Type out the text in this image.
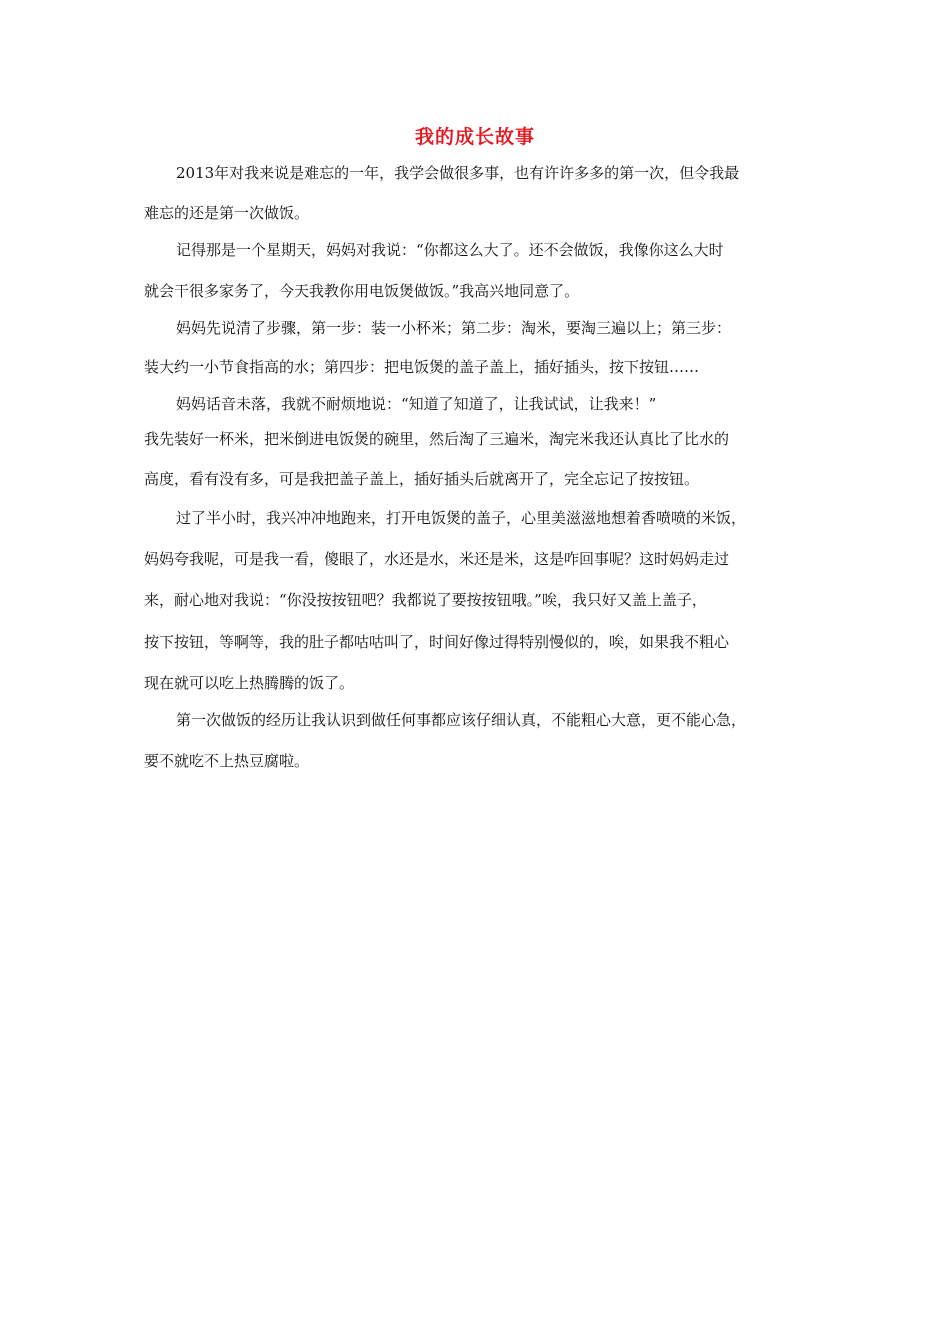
我的成长故事
2013年对我来说是难忘的一年，我学会做很多事，也有许许多多的第一次，但令我最
难忘的还是第一次做饭。
记得那是一个星期天，妈妈对我说：“你都这么大了。还不会做饭，我像你这么大时
就会干很多家务了，今天我教你用电饭煲做饭。”我高兴地同意了。
妈妈先说清了步骤，第一步：装一小杯米；第二步：淘米，要淘三遍以上；第三步：
装大约一小节食指高的水；第四步：把电饭煲的盖子盖上，插好插头，按下按钮……
妈妈话音未落，我就不耐烦地说：“知道了知道了，让我试试，让我来！”
我先装好一杯米，把米倒进电饭煲的碗里，然后淘了三遍米，淘完米我还认真比了比水的
高度，看有没有多，可是我把盖子盖上，插好插头后就离开了，完全忘记了按按钮。
过了半小时，我兴冲冲地跑来，打开电饭煲的盖子，心里美滋滋地想着香喷喷的米饭，
妈妈夸我呢，可是我一看，傻眼了，水还是水，米还是米，这是咋回事呢？这时妈妈走过
来，耐心地对我说：“你没按按钮吧？我都说了要按按钮哦。”唉，我只好又盖上盖子，
按下按钮，等啊等，我的肚子都咕咕叫了，时间好像过得特别慢似的，唉，如果我不粗心
现在就可以吃上热腾腾的饭了。
第一次做饭的经历让我认识到做任何事都应该仔细认真，不能粗心大意，更不能心急，
要不就吃不上热豆腐啦。
